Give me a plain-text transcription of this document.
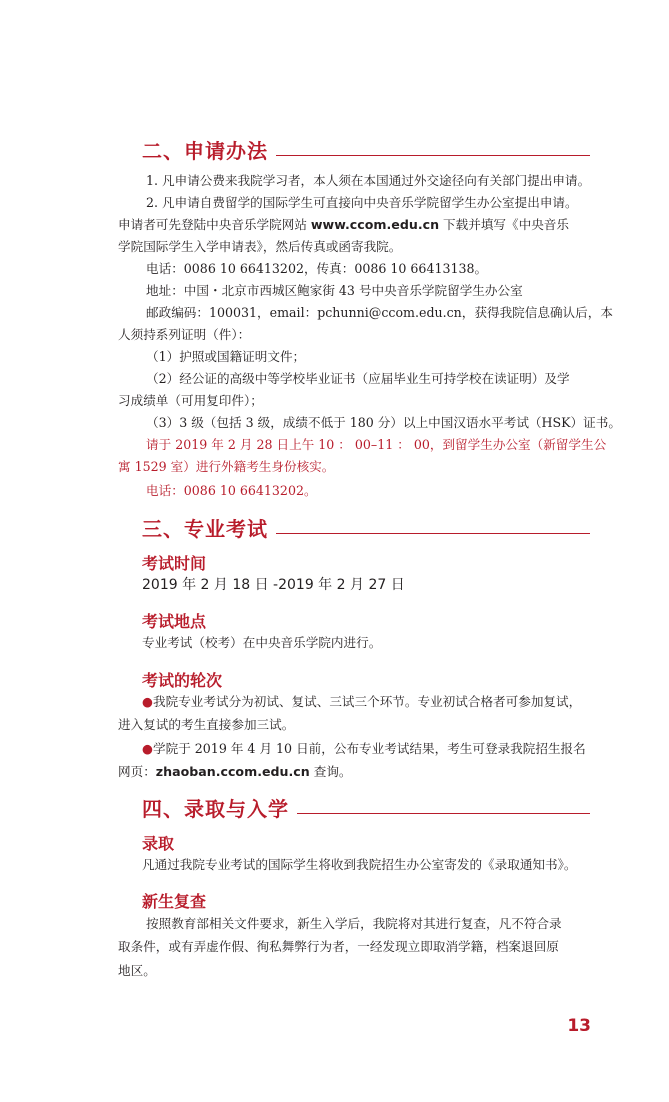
二、申请办法
1. 凡申请公费来我院学习者，本人须在本国通过外交途径向有关部门提出申请。
2. 凡申请自费留学的国际学生可直接向中央音乐学院留学生办公室提出申请。
申请者可先登陆中央音乐学院网站 www.ccom.edu.cn 下载并填写《中央音乐
学院国际学生入学申请表》，然后传真或函寄我院。
电话：0086 10 66413202，传真：0086 10 66413138。
地址：中国・北京市西城区鲍家街 43 号中央音乐学院留学生办公室
邮政编码：100031，email：pchunni@ccom.edu.cn，获得我院信息确认后，本
人须持系列证明（件）：
（1）护照或国籍证明文件；
（2）经公证的高级中等学校毕业证书（应届毕业生可持学校在读证明）及学
习成绩单（可用复印件）；
（3）3 级（包括 3 级，成绩不低于 180 分）以上中国汉语水平考试（HSK）证书。
请于 2019 年 2 月 28 日上午 10 ： 00–11 ： 00，到留学生办公室（新留学生公
寓 1529 室）进行外籍考生身份核实。
电话：0086 10 66413202。
三、专业考试
考试时间
2019 年 2 月 18 日 -2019 年 2 月 27 日
考试地点
专业考试（校考）在中央音乐学院内进行。
考试的轮次
●我院专业考试分为初试、复试、三试三个环节。专业初试合格者可参加复试，
进入复试的考生直接参加三试。
●学院于 2019 年 4 月 10 日前，公布专业考试结果，考生可登录我院招生报名
网页：zhaoban.ccom.edu.cn 查询。
四、录取与入学
录取
凡通过我院专业考试的国际学生将收到我院招生办公室寄发的《录取通知书》。
新生复查
按照教育部相关文件要求，新生入学后，我院将对其进行复查，凡不符合录
取条件，或有弄虚作假、徇私舞弊行为者，一经发现立即取消学籍，档案退回原
地区。
13
